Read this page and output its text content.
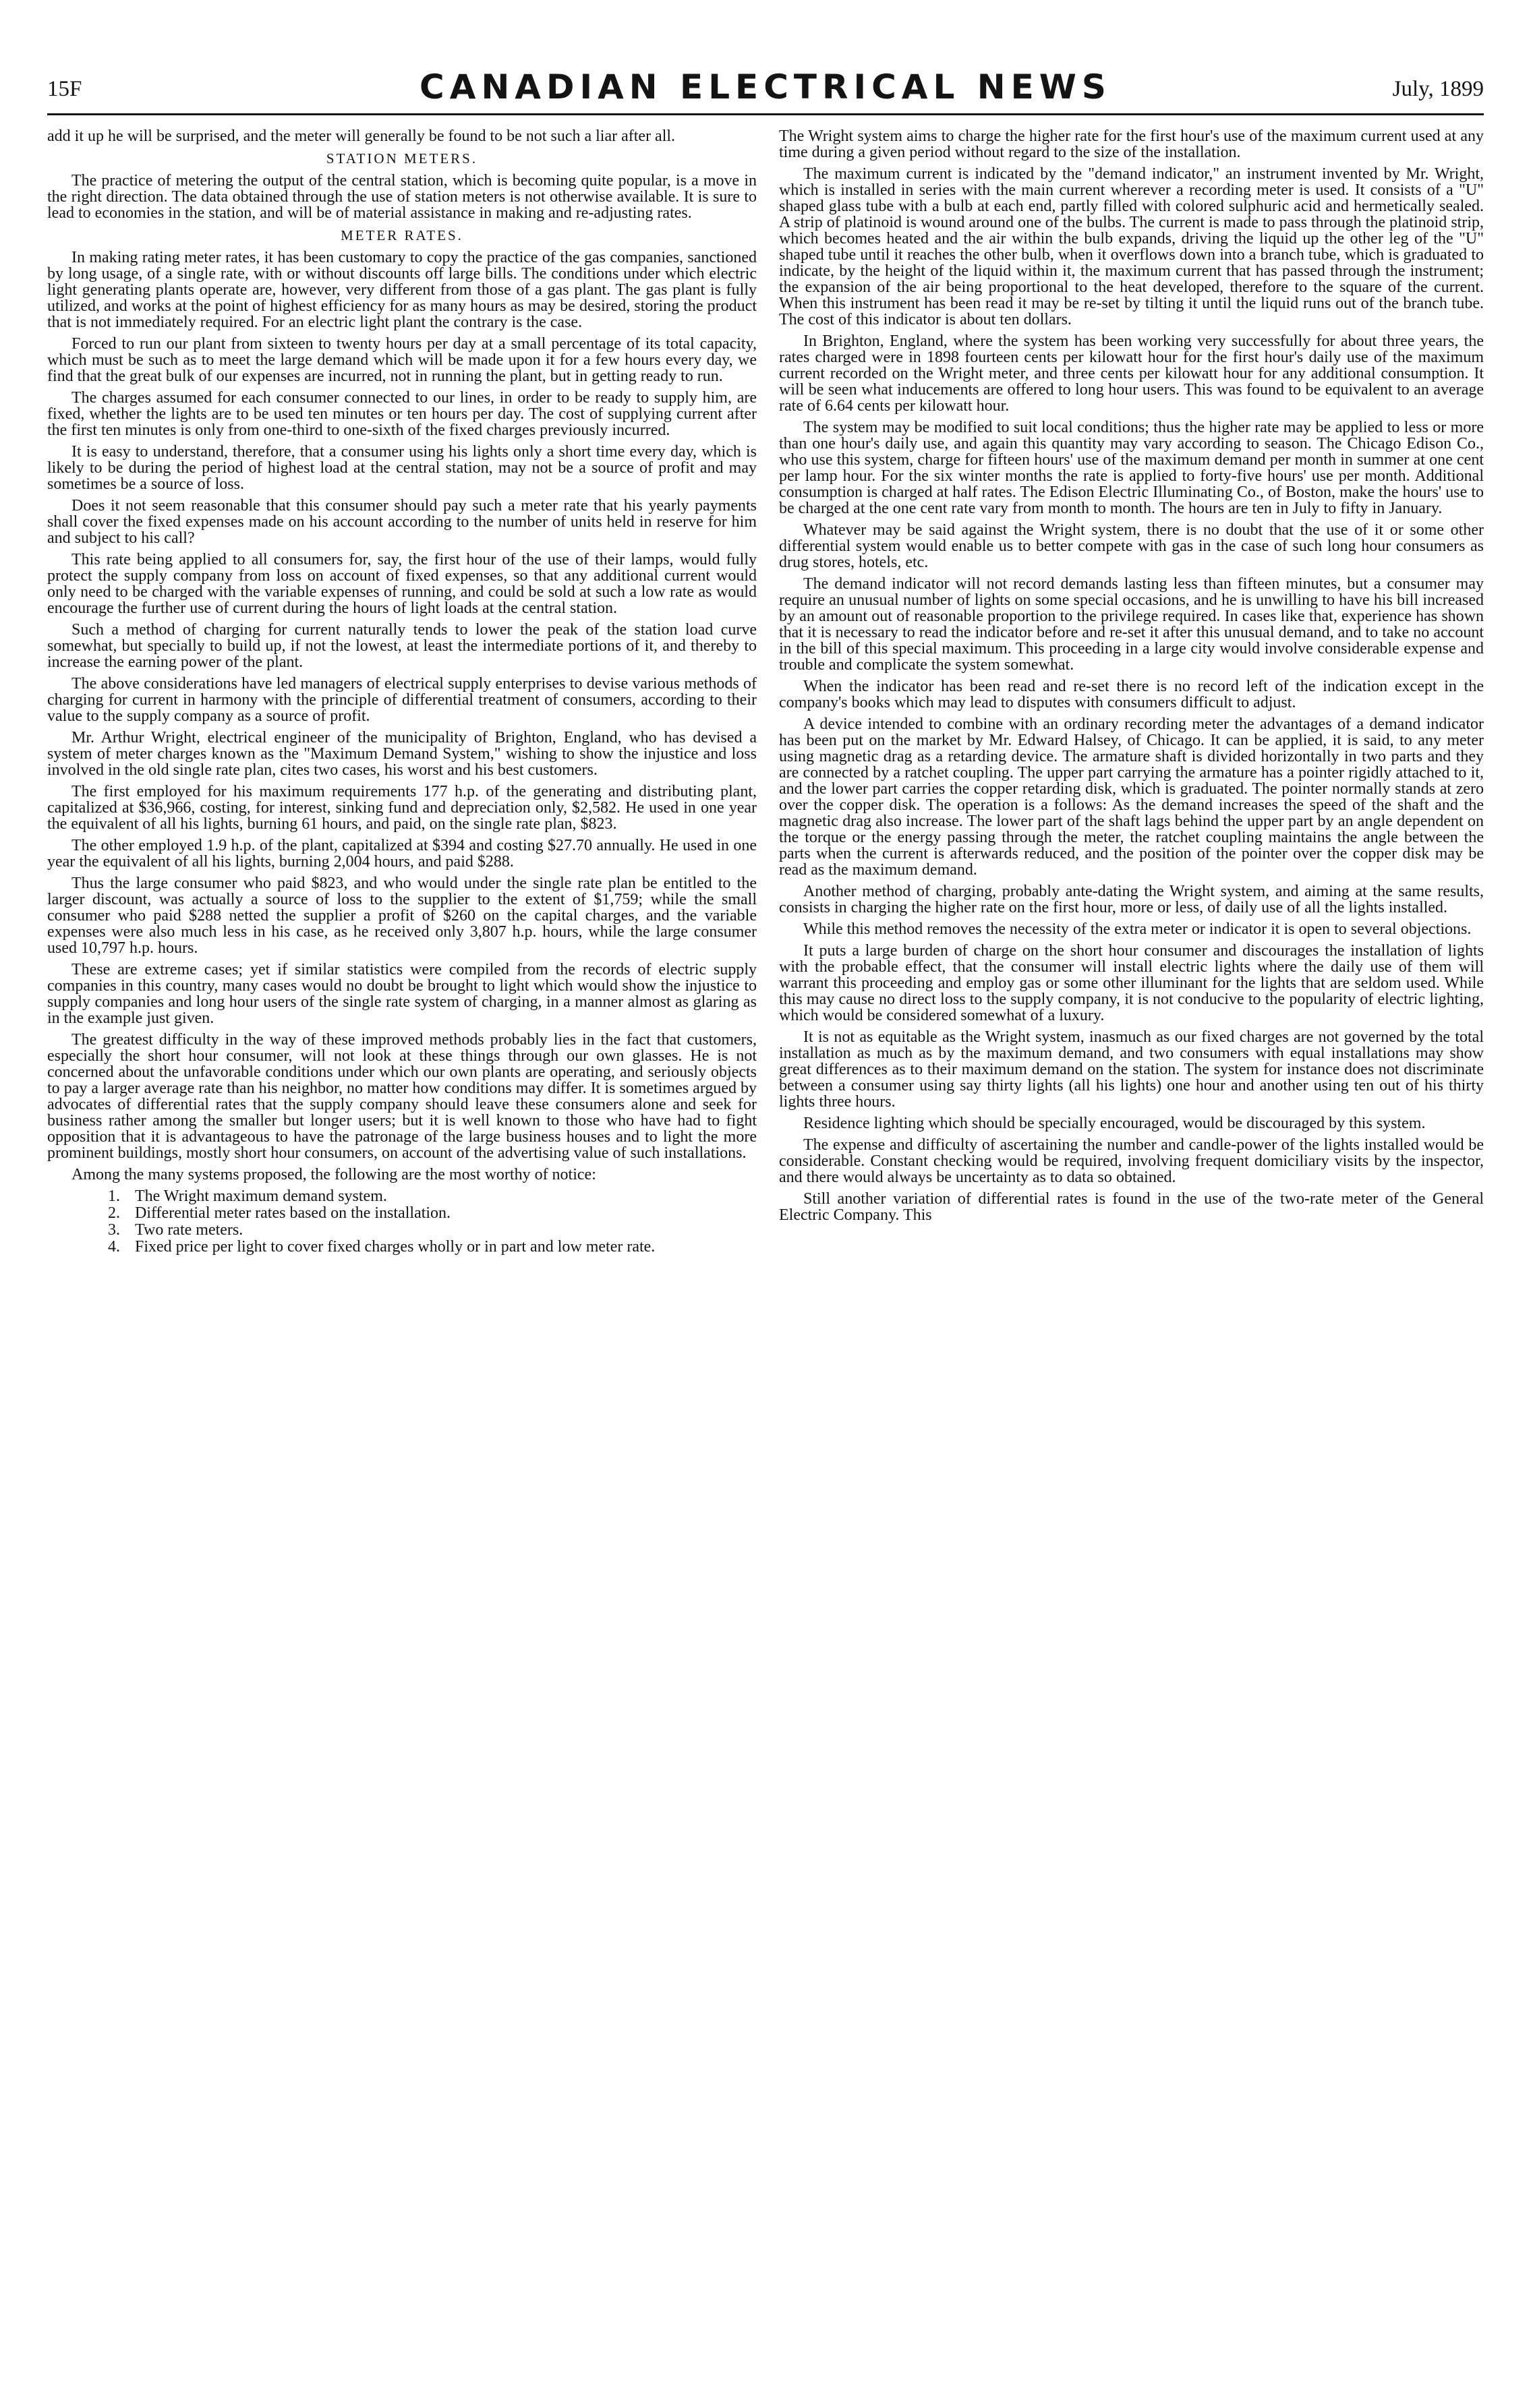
15F	CANADIAN ELECTRICAL NEWS	July, 1899

add it up he will be surprised, and the meter will generally be found to be not such a liar after all.

STATION METERS.

The practice of metering the output of the central station, which is becoming quite popular, is a move in the right direction. The data obtained through the use of station meters is not otherwise available. It is sure to lead to economies in the station, and will be of material assistance in making and re-adjusting rates.

METER RATES.

In making rating meter rates, it has been customary to copy the practice of the gas companies, sanctioned by long usage, of a single rate, with or without discounts off large bills. The conditions under which electric light generating plants operate are, however, very different from those of a gas plant. The gas plant is fully utilized, and works at the point of highest efficiency for as many hours as may be desired, storing the product that is not immediately required. For an electric light plant the contrary is the case.

Forced to run our plant from sixteen to twenty hours per day at a small percentage of its total capacity, which must be such as to meet the large demand which will be made upon it for a few hours every day, we find that the great bulk of our expenses are incurred, not in running the plant, but in getting ready to run.

The charges assumed for each consumer connected to our lines, in order to be ready to supply him, are fixed, whether the lights are to be used ten minutes or ten hours per day. The cost of supplying current after the first ten minutes is only from one-third to one-sixth of the fixed charges previously incurred.

It is easy to understand, therefore, that a consumer using his lights only a short time every day, which is likely to be during the period of highest load at the central station, may not be a source of profit and may sometimes be a source of loss.

Does it not seem reasonable that this consumer should pay such a meter rate that his yearly payments shall cover the fixed expenses made on his account according to the number of units held in reserve for him and subject to his call?

This rate being applied to all consumers for, say, the first hour of the use of their lamps, would fully protect the supply company from loss on account of fixed expenses, so that any additional current would only need to be charged with the variable expenses of running, and could be sold at such a low rate as would encourage the further use of current during the hours of light loads at the central station.

Such a method of charging for current naturally tends to lower the peak of the station load curve somewhat, but specially to build up, if not the lowest, at least the intermediate portions of it, and thereby to increase the earning power of the plant.

The above considerations have led managers of electrical supply enterprises to devise various methods of charging for current in harmony with the principle of differential treatment of consumers, according to their value to the supply company as a source of profit.

Mr. Arthur Wright, electrical engineer of the municipality of Brighton, England, who has devised a system of meter charges known as the "Maximum Demand System," wishing to show the injustice and loss involved in the old single rate plan, cites two cases, his worst and his best customers.

The first employed for his maximum requirements 177 h.p. of the generating and distributing plant, capitalized at $36,966, costing, for interest, sinking fund and depreciation only, $2,582. He used in one year the equivalent of all his lights, burning 61 hours, and paid, on the single rate plan, $823.

The other employed 1.9 h.p. of the plant, capitalized at $394 and costing $27.70 annually. He used in one year the equivalent of all his lights, burning 2,004 hours, and paid $288.

Thus the large consumer who paid $823, and who would under the single rate plan be entitled to the larger discount, was actually a source of loss to the supplier to the extent of $1,759; while the small consumer who paid $288 netted the supplier a profit of $260 on the capital charges, and the variable expenses were also much less in his case, as he received only 3,807 h.p. hours, while the large consumer used 10,797 h.p. hours.

These are extreme cases; yet if similar statistics were compiled from the records of electric supply companies in this country, many cases would no doubt be brought to light which would show the injustice to supply companies and long hour users of the single rate system of charging, in a manner almost as glaring as in the example just given.

The greatest difficulty in the way of these improved methods probably lies in the fact that customers, especially the short hour consumer, will not look at these things through our own glasses. He is not concerned about the unfavorable conditions under which our own plants are operating, and seriously objects to pay a larger average rate than his neighbor, no matter how conditions may differ. It is sometimes argued by advocates of differential rates that the supply company should leave these consumers alone and seek for business rather among the smaller but longer users; but it is well known to those who have had to fight opposition that it is advantageous to have the patronage of the large business houses and to light the more prominent buildings, mostly short hour consumers, on account of the advertising value of such installations.

Among the many systems proposed, the following are the most worthy of notice:

1. The Wright maximum demand system.
2. Differential meter rates based on the installation.
3. Two rate meters.
4. Fixed price per light to cover fixed charges wholly or in part and low meter rate.

The Wright system aims to charge the higher rate for the first hour's use of the maximum current used at any time during a given period without regard to the size of the installation.

The maximum current is indicated by the "demand indicator," an instrument invented by Mr. Wright, which is installed in series with the main current wherever a recording meter is used. It consists of a "U" shaped glass tube with a bulb at each end, partly filled with colored sulphuric acid and hermetically sealed. A strip of platinoid is wound around one of the bulbs. The current is made to pass through the platinoid strip, which becomes heated and the air within the bulb expands, driving the liquid up the other leg of the "U" shaped tube until it reaches the other bulb, when it overflows down into a branch tube, which is graduated to indicate, by the height of the liquid within it, the maximum current that has passed through the instrument; the expansion of the air being proportional to the heat developed, therefore to the square of the current. When this instrument has been read it may be re-set by tilting it until the liquid runs out of the branch tube. The cost of this indicator is about ten dollars.

In Brighton, England, where the system has been working very successfully for about three years, the rates charged were in 1898 fourteen cents per kilowatt hour for the first hour's daily use of the maximum current recorded on the Wright meter, and three cents per kilowatt hour for any additional consumption. It will be seen what inducements are offered to long hour users. This was found to be equivalent to an average rate of 6.64 cents per kilowatt hour.

The system may be modified to suit local conditions; thus the higher rate may be applied to less or more than one hour's daily use, and again this quantity may vary according to season. The Chicago Edison Co., who use this system, charge for fifteen hours' use of the maximum demand per month in summer at one cent per lamp hour. For the six winter months the rate is applied to forty-five hours' use per month. Additional consumption is charged at half rates. The Edison Electric Illuminating Co., of Boston, make the hours' use to be charged at the one cent rate vary from month to month. The hours are ten in July to fifty in January.

Whatever may be said against the Wright system, there is no doubt that the use of it or some other differential system would enable us to better compete with gas in the case of such long hour consumers as drug stores, hotels, etc.

The demand indicator will not record demands lasting less than fifteen minutes, but a consumer may require an unusual number of lights on some special occasions, and he is unwilling to have his bill increased by an amount out of reasonable proportion to the privilege required. In cases like that, experience has shown that it is necessary to read the indicator before and re-set it after this unusual demand, and to take no account in the bill of this special maximum. This proceeding in a large city would involve considerable expense and trouble and complicate the system somewhat.

When the indicator has been read and re-set there is no record left of the indication except in the company's books which may lead to disputes with consumers difficult to adjust.

A device intended to combine with an ordinary recording meter the advantages of a demand indicator has been put on the market by Mr. Edward Halsey, of Chicago. It can be applied, it is said, to any meter using magnetic drag as a retarding device. The armature shaft is divided horizontally in two parts and they are connected by a ratchet coupling. The upper part carrying the armature has a pointer rigidly attached to it, and the lower part carries the copper retarding disk, which is graduated. The pointer normally stands at zero over the copper disk. The operation is a follows: As the demand increases the speed of the shaft and the magnetic drag also increase. The lower part of the shaft lags behind the upper part by an angle dependent on the torque or the energy passing through the meter, the ratchet coupling maintains the angle between the parts when the current is afterwards reduced, and the position of the pointer over the copper disk may be read as the maximum demand.

Another method of charging, probably ante-dating the Wright system, and aiming at the same results, consists in charging the higher rate on the first hour, more or less, of daily use of all the lights installed.

While this method removes the necessity of the extra meter or indicator it is open to several objections.

It puts a large burden of charge on the short hour consumer and discourages the installation of lights with the probable effect, that the consumer will install electric lights where the daily use of them will warrant this proceeding and employ gas or some other illuminant for the lights that are seldom used. While this may cause no direct loss to the supply company, it is not conducive to the popularity of electric lighting, which would be considered somewhat of a luxury.

It is not as equitable as the Wright system, inasmuch as our fixed charges are not governed by the total installation as much as by the maximum demand, and two consumers with equal installations may show great differences as to their maximum demand on the station. The system for instance does not discriminate between a consumer using say thirty lights (all his lights) one hour and another using ten out of his thirty lights three hours.

Residence lighting which should be specially encouraged, would be discouraged by this system.

The expense and difficulty of ascertaining the number and candle-power of the lights installed would be considerable. Constant checking would be required, involving frequent domiciliary visits by the inspector, and there would always be uncertainty as to data so obtained.

Still another variation of differential rates is found in the use of the two-rate meter of the General Electric Company. This
